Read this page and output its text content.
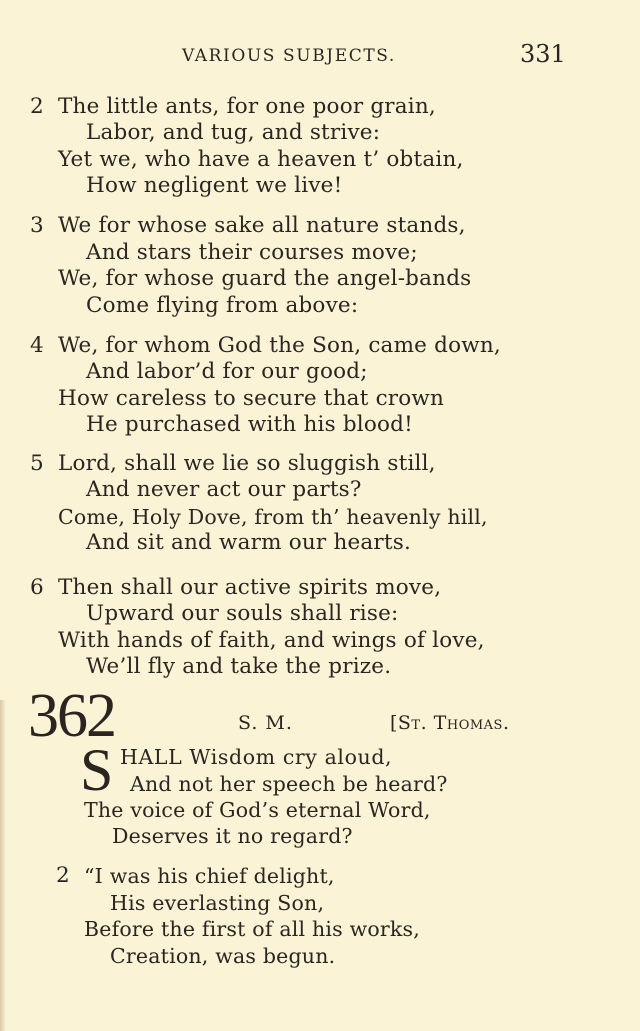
VARIOUS SUBJECTS.	331
2 The little ants, for one poor grain,
Labor, and tug, and strive:
Yet we, who have a heaven t’ obtain,
How negligent we live!
3 We for whose sake all nature stands,
And stars their courses move;
We, for whose guard the angel-bands
Come flying from above:
4 We, for whom God the Son, came down,
And labor’d for our good;
How careless to secure that crown
He purchased with his blood!
5 Lord, shall we lie so sluggish still,
And never act our parts?
Come, Holy Dove, from th’ heavenly hill,
And sit and warm our hearts.
6 Then shall our active spirits move,
Upward our souls shall rise:
With hands of faith, and wings of love,
We’ll fly and take the prize.
362	S. M.	[St. Thomas.
S HALL Wisdom cry aloud,
And not her speech be heard?
The voice of God’s eternal Word,
Deserves it no regard?
2 “I was his chief delight,
His everlasting Son,
Before the first of all his works,
Creation, was begun.
